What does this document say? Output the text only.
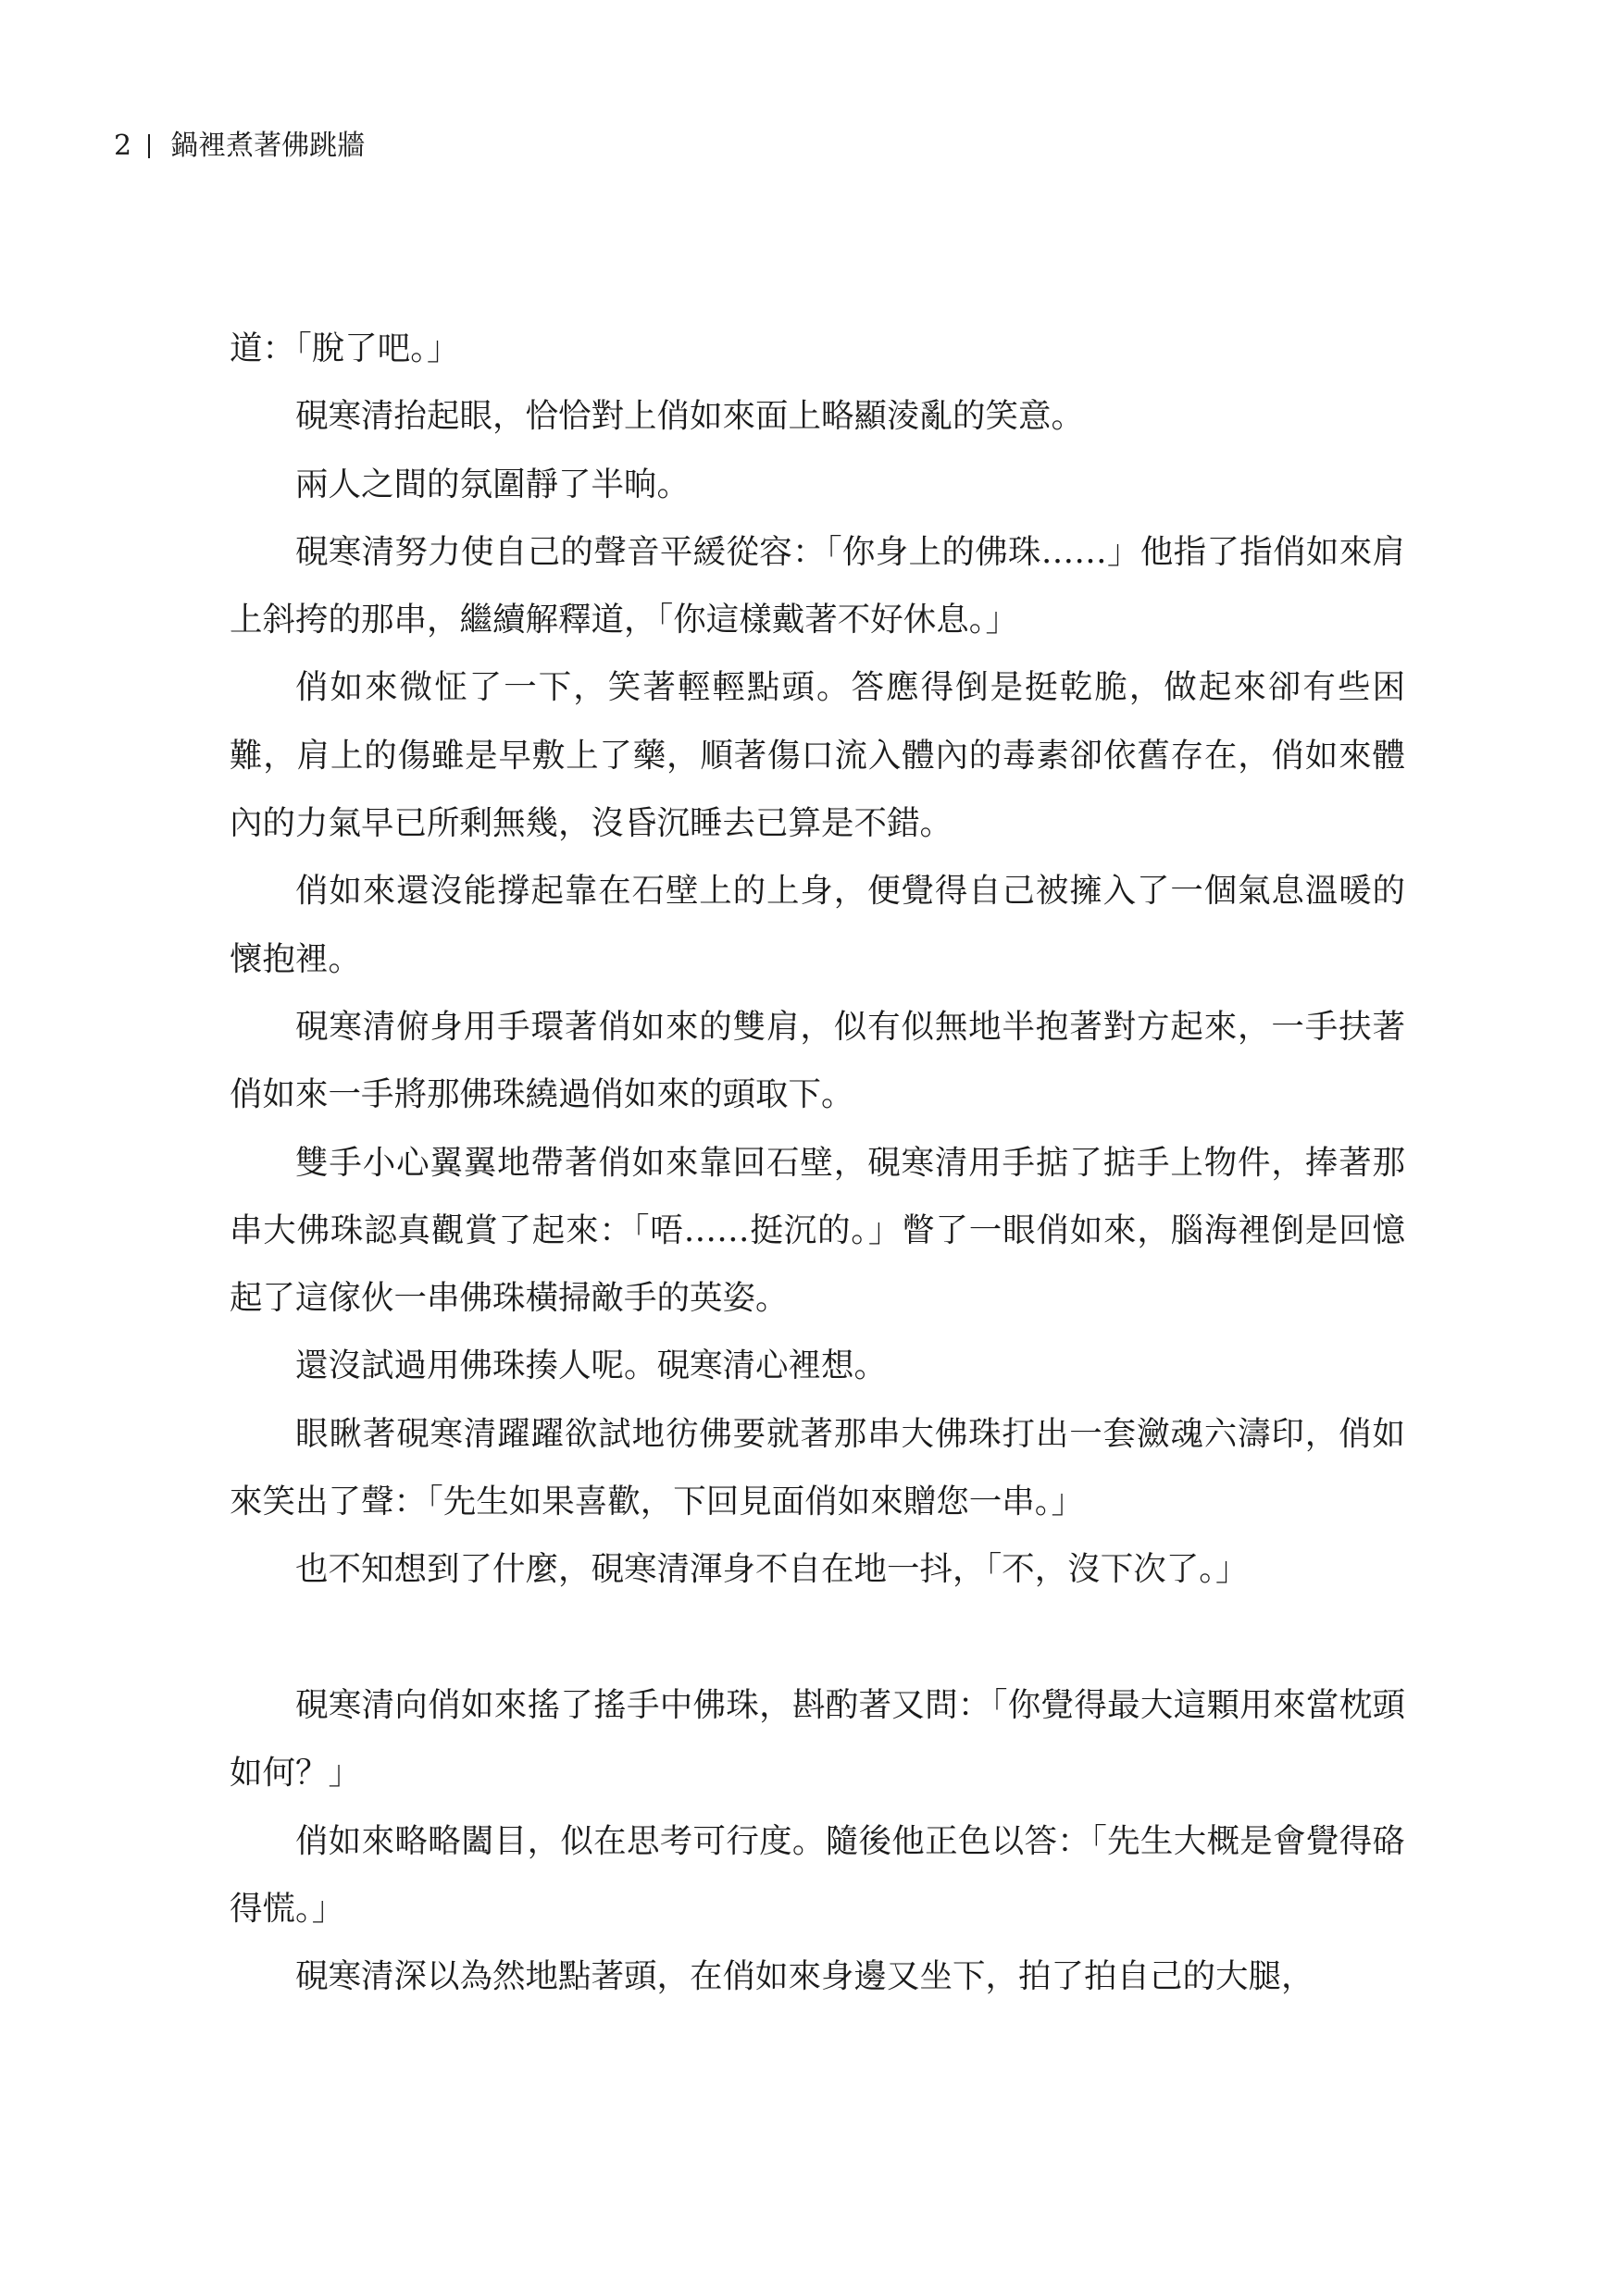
2 鍋裡煮著佛跳牆

道：「脫了吧。」

硯寒清抬起眼，恰恰對上俏如來面上略顯淩亂的笑意。

兩人之間的氛圍靜了半晌。

硯寒清努力使自己的聲音平緩從容：「你身上的佛珠……」他指了指俏如來肩上斜挎的那串，繼續解釋道，「你這樣戴著不好休息。」

俏如來微怔了一下，笑著輕輕點頭。答應得倒是挺乾脆，做起來卻有些困難，肩上的傷雖是早敷上了藥，順著傷口流入體內的毒素卻依舊存在，俏如來體內的力氣早已所剩無幾，沒昏沉睡去已算是不錯。

俏如來還沒能撐起靠在石壁上的上身，便覺得自己被擁入了一個氣息溫暖的懷抱裡。

硯寒清俯身用手環著俏如來的雙肩，似有似無地半抱著對方起來，一手扶著俏如來一手將那佛珠繞過俏如來的頭取下。

雙手小心翼翼地帶著俏如來靠回石壁，硯寒清用手掂了掂手上物件，捧著那串大佛珠認真觀賞了起來：「唔……挺沉的。」瞥了一眼俏如來，腦海裡倒是回憶起了這傢伙一串佛珠橫掃敵手的英姿。

還沒試過用佛珠揍人呢。硯寒清心裡想。

眼瞅著硯寒清躍躍欲試地彷佛要就著那串大佛珠打出一套瀲魂六濤印，俏如來笑出了聲：「先生如果喜歡，下回見面俏如來贈您一串。」

也不知想到了什麼，硯寒清渾身不自在地一抖，「不，沒下次了。」

硯寒清向俏如來搖了搖手中佛珠，斟酌著又問：「你覺得最大這顆用來當枕頭如何？」

俏如來略略闔目，似在思考可行度。隨後他正色以答：「先生大概是會覺得硌得慌。」

硯寒清深以為然地點著頭，在俏如來身邊又坐下，拍了拍自己的大腿，
